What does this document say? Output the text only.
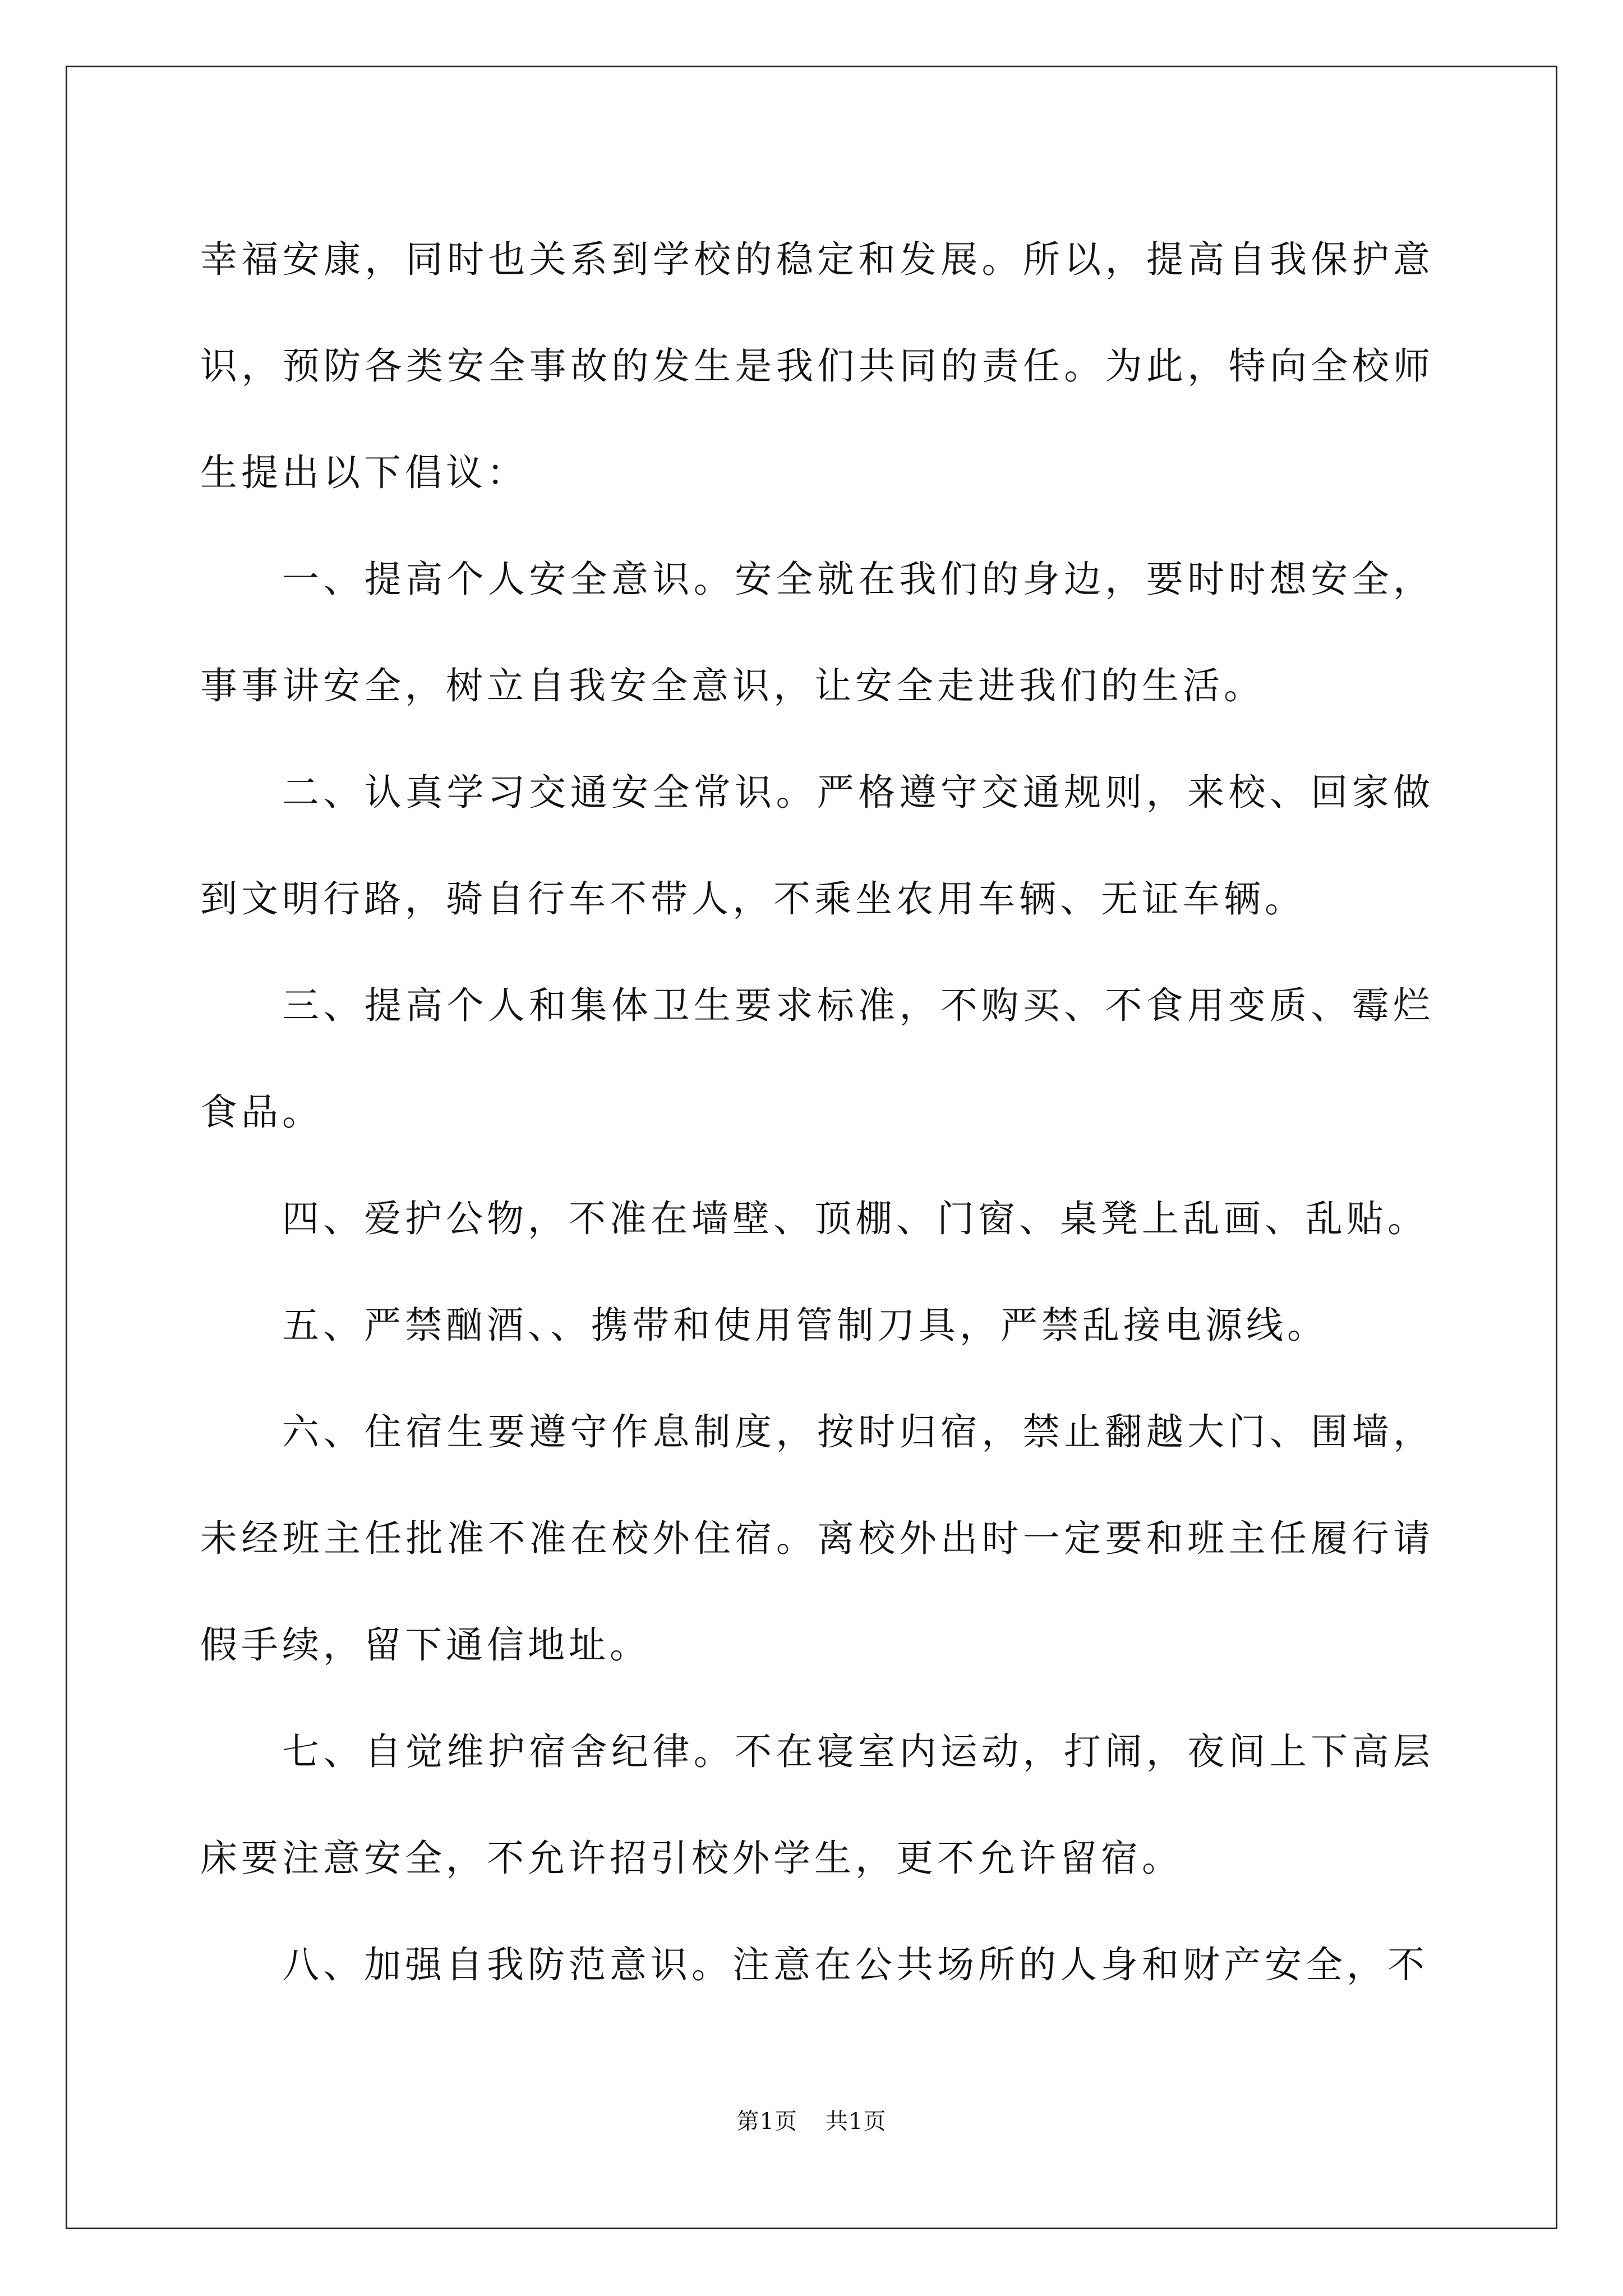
幸福安康，同时也关系到学校的稳定和发展。所以，提高自我保护意识，预防各类安全事故的发生是我们共同的责任。为此，特向全校师生提出以下倡议：

一、提高个人安全意识。安全就在我们的身边，要时时想安全，事事讲安全，树立自我安全意识，让安全走进我们的生活。

二、认真学习交通安全常识。严格遵守交通规则，来校、回家做到文明行路，骑自行车不带人，不乘坐农用车辆、无证车辆。

三、提高个人和集体卫生要求标准，不购买、不食用变质、霉烂食品。

四、爱护公物，不准在墙壁、顶棚、门窗、桌凳上乱画、乱贴。

五、严禁酗酒、、携带和使用管制刀具，严禁乱接电源线。

六、住宿生要遵守作息制度，按时归宿，禁止翻越大门、围墙，未经班主任批准不准在校外住宿。离校外出时一定要和班主任履行请假手续，留下通信地址。

七、自觉维护宿舍纪律。不在寝室内运动，打闹，夜间上下高层床要注意安全，不允许招引校外学生，更不允许留宿。

八、加强自我防范意识。注意在公共场所的人身和财产安全，不

第1页 共1页
